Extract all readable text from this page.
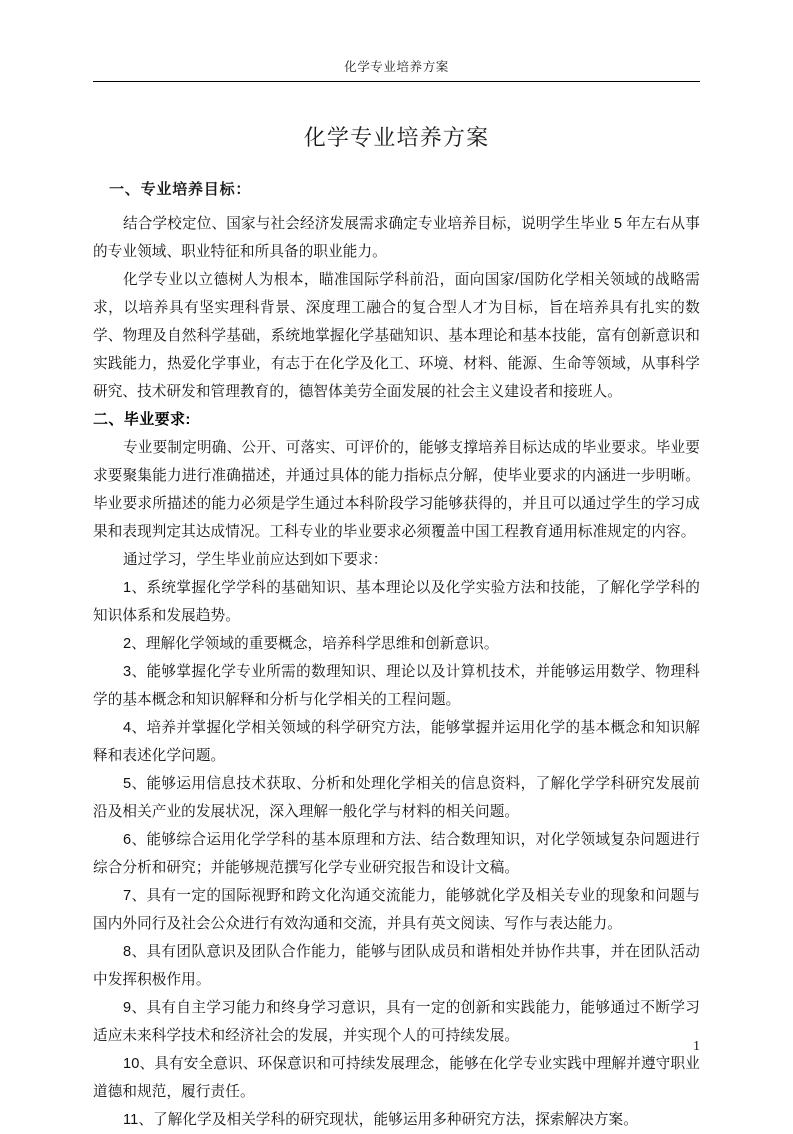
化学专业培养方案
化学专业培养方案

一、专业培养目标：

结合学校定位、国家与社会经济发展需求确定专业培养目标，说明学生毕业 5 年左右从事的专业领域、职业特征和所具备的职业能力。

化学专业以立德树人为根本，瞄准国际学科前沿，面向国家/国防化学相关领域的战略需求，以培养具有坚实理科背景、深度理工融合的复合型人才为目标，旨在培养具有扎实的数学、物理及自然科学基础，系统地掌握化学基础知识、基本理论和基本技能，富有创新意识和实践能力，热爱化学事业，有志于在化学及化工、环境、材料、能源、生命等领域，从事科学研究、技术研发和管理教育的，德智体美劳全面发展的社会主义建设者和接班人。

二、毕业要求:

专业要制定明确、公开、可落实、可评价的，能够支撑培养目标达成的毕业要求。毕业要求要聚集能力进行准确描述，并通过具体的能力指标点分解，使毕业要求的内涵进一步明晰。毕业要求所描述的能力必须是学生通过本科阶段学习能够获得的，并且可以通过学生的学习成果和表现判定其达成情况。工科专业的毕业要求必须覆盖中国工程教育通用标准规定的内容。

通过学习，学生毕业前应达到如下要求：

1、系统掌握化学学科的基础知识、基本理论以及化学实验方法和技能，了解化学学科的知识体系和发展趋势。

2、理解化学领域的重要概念，培养科学思维和创新意识。

3、能够掌握化学专业所需的数理知识、理论以及计算机技术，并能够运用数学、物理科学的基本概念和知识解释和分析与化学相关的工程问题。

4、培养并掌握化学相关领域的科学研究方法，能够掌握并运用化学的基本概念和知识解释和表述化学问题。

5、能够运用信息技术获取、分析和处理化学相关的信息资料，了解化学学科研究发展前沿及相关产业的发展状况，深入理解一般化学与材料的相关问题。

6、能够综合运用化学学科的基本原理和方法、结合数理知识，对化学领域复杂问题进行综合分析和研究；并能够规范撰写化学专业研究报告和设计文稿。

7、具有一定的国际视野和跨文化沟通交流能力，能够就化学及相关专业的现象和问题与国内外同行及社会公众进行有效沟通和交流，并具有英文阅读、写作与表达能力。

8、具有团队意识及团队合作能力，能够与团队成员和谐相处并协作共事，并在团队活动中发挥积极作用。

9、具有自主学习能力和终身学习意识，具有一定的创新和实践能力，能够通过不断学习适应未来科学技术和经济社会的发展，并实现个人的可持续发展。

10、具有安全意识、环保意识和可持续发展理念，能够在化学专业实践中理解并遵守职业道德和规范，履行责任。

11、了解化学及相关学科的研究现状，能够运用多种研究方法，探索解决方案。

1
